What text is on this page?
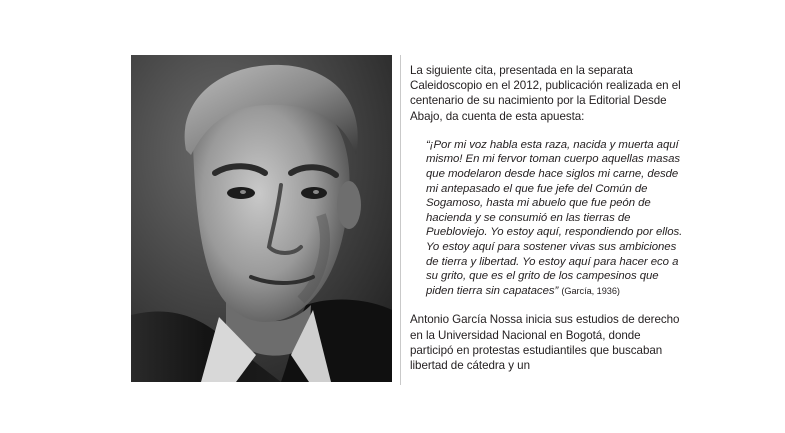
La siguiente cita, presentada en la separata Caleidoscopio en el 2012, publicación realizada en el centenario de su nacimiento por la Editorial Desde Abajo, da cuenta de esta apuesta:

“¡Por mi voz habla esta raza, nacida y muerta aquí mismo! En mi fervor toman cuerpo aquellas masas que modelaron desde hace siglos mi carne, desde mi antepasado el que fue jefe del Común de Sogamoso, hasta mi abuelo que fue peón de hacienda y se consumió en las tierras de Puebloviejo. Yo estoy aquí, respondiendo por ellos. Yo estoy aquí para sostener vivas sus ambiciones de tierra y libertad. Yo estoy aquí para hacer eco a su grito, que es el grito de los campesinos que piden tierra sin capataces” (García, 1936)

Antonio García Nossa inicia sus estudios de derecho en la Universidad Nacional en Bogotá, donde participó en protestas estudiantiles que buscaban libertad de cátedra y un
